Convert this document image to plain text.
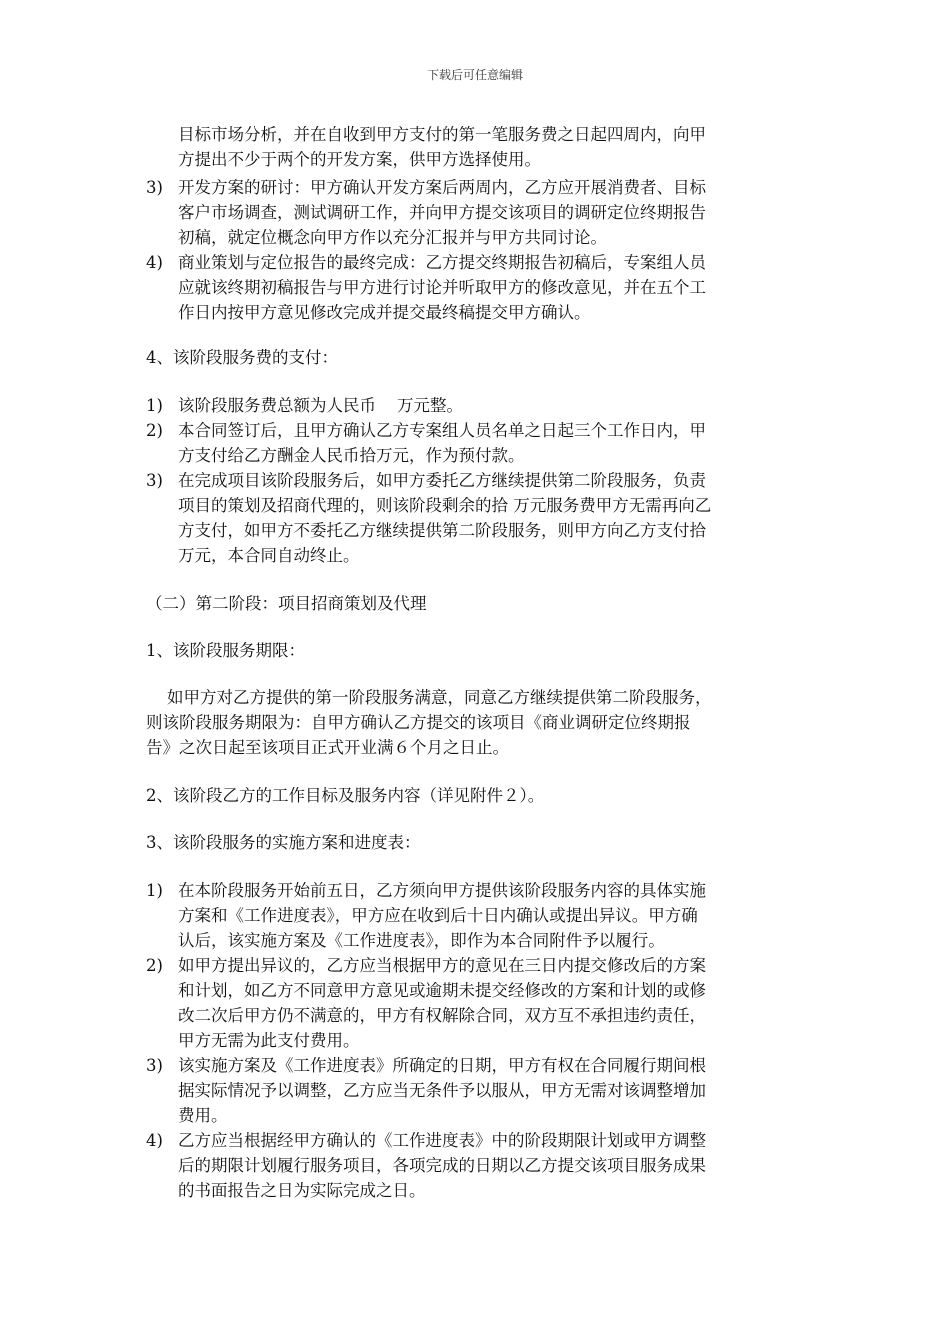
下载后可任意编辑
目标市场分析，并在自收到甲方支付的第一笔服务费之日起四周内，向甲
方提出不少于两个的开发方案，供甲方选择使用。
3) 开发方案的研讨：甲方确认开发方案后两周内，乙方应开展消费者、目标
客户市场调查，测试调研工作，并向甲方提交该项目的调研定位终期报告
初稿，就定位概念向甲方作以充分汇报并与甲方共同讨论。
4) 商业策划与定位报告的最终完成：乙方提交终期报告初稿后，专案组人员
应就该终期初稿报告与甲方进行讨论并听取甲方的修改意见，并在五个工
作日内按甲方意见修改完成并提交最终稿提交甲方确认。
4、该阶段服务费的支付：
1) 该阶段服务费总额为人民币    万元整。
2) 本合同签订后，且甲方确认乙方专案组人员名单之日起三个工作日内，甲
方支付给乙方酬金人民币拾万元，作为预付款。
3) 在完成项目该阶段服务后，如甲方委托乙方继续提供第二阶段服务，负责
项目的策划及招商代理的，则该阶段剩余的拾 万元服务费甲方无需再向乙
方支付，如甲方不委托乙方继续提供第二阶段服务，则甲方向乙方支付拾
万元，本合同自动终止。
（二）第二阶段：项目招商策划及代理
1、该阶段服务期限：
如甲方对乙方提供的第一阶段服务满意，同意乙方继续提供第二阶段服务，
则该阶段服务期限为：自甲方确认乙方提交的该项目《商业调研定位终期报
告》之次日起至该项目正式开业满６个月之日止。
2、该阶段乙方的工作目标及服务内容（详见附件２）。
3、该阶段服务的实施方案和进度表：
1) 在本阶段服务开始前五日，乙方须向甲方提供该阶段服务内容的具体实施
方案和《工作进度表》，甲方应在收到后十日内确认或提出异议。甲方确
认后，该实施方案及《工作进度表》，即作为本合同附件予以履行。
2) 如甲方提出异议的，乙方应当根据甲方的意见在三日内提交修改后的方案
和计划，如乙方不同意甲方意见或逾期未提交经修改的方案和计划的或修
改二次后甲方仍不满意的，甲方有权解除合同，双方互不承担违约责任，
甲方无需为此支付费用。
3) 该实施方案及《工作进度表》所确定的日期，甲方有权在合同履行期间根
据实际情况予以调整，乙方应当无条件予以服从，甲方无需对该调整增加
费用。
4) 乙方应当根据经甲方确认的《工作进度表》中的阶段期限计划或甲方调整
后的期限计划履行服务项目，各项完成的日期以乙方提交该项目服务成果
的书面报告之日为实际完成之日。
